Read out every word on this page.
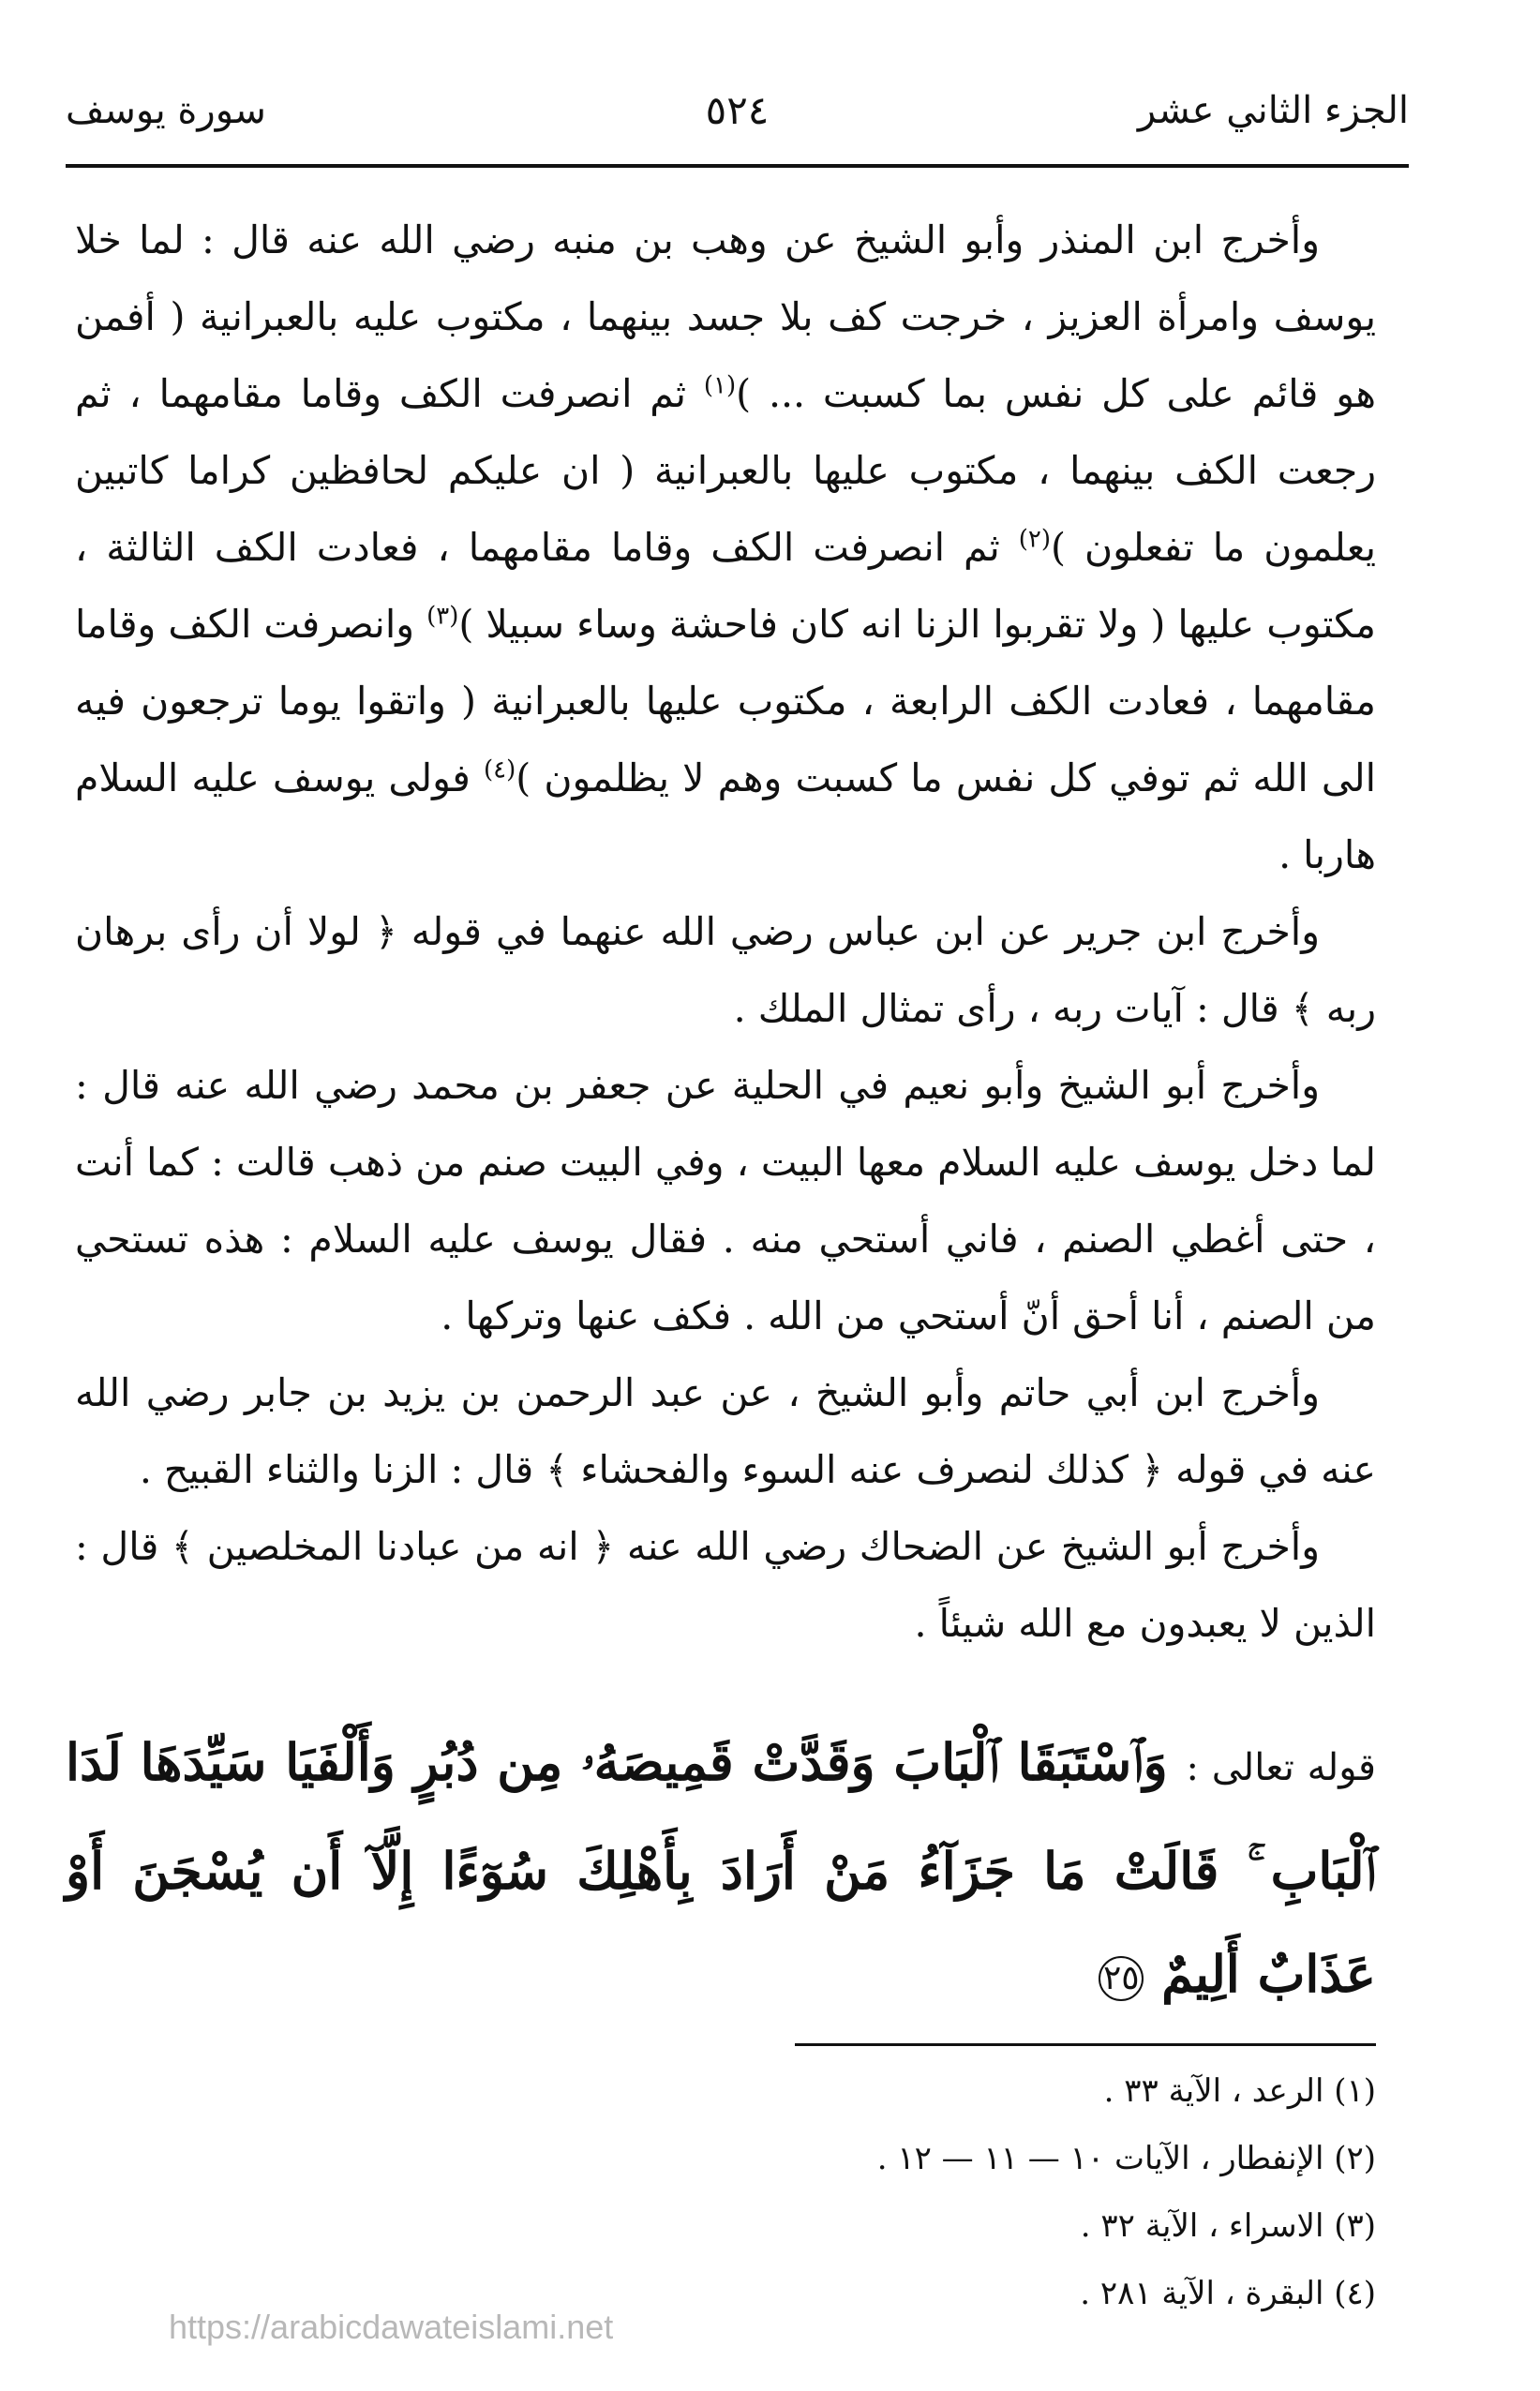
الجزء الثاني عشر
٥٢٤
سورة يوسف

وأخرج ابن المنذر وأبو الشيخ عن وهب بن منبه رضي الله عنه قال : لما خلا يوسف وامرأة العزيز ، خرجت كف بلا جسد بينهما ، مكتوب عليه بالعبرانية ( أفمن هو قائم على كل نفس بما كسبت ... )$^{(١)}$ ثم انصرفت الكف وقاما مقامهما ، ثم رجعت الكف بينهما ، مكتوب عليها بالعبرانية ( ان عليكم لحافظين كراما كاتبين يعلمون ما تفعلون )$^{(٢)}$ ثم انصرفت الكف وقاما مقامهما ، فعادت الكف الثالثة ، مكتوب عليها ( ولا تقربوا الزنا انه كان فاحشة وساء سبيلا )$^{(٣)}$ وانصرفت الكف وقاما مقامهما ، فعادت الكف الرابعة ، مكتوب عليها بالعبرانية ( واتقوا يوما ترجعون فيه الى الله ثم توفي كل نفس ما كسبت وهم لا يظلمون )$^{(٤)}$ فولى يوسف عليه السلام هاربا .

وأخرج ابن جرير عن ابن عباس رضي الله عنهما في قوله ﴿ لولا أن رأى برهان ربه ﴾ قال : آيات ربه ، رأى تمثال الملك .

وأخرج أبو الشيخ وأبو نعيم في الحلية عن جعفر بن محمد رضي الله عنه قال : لما دخل يوسف عليه السلام معها البيت ، وفي البيت صنم من ذهب قالت : كما أنت ، حتى أغطي الصنم ، فاني أستحي منه . فقال يوسف عليه السلام : هذه تستحي من الصنم ، أنا أحق أنّ أستحي من الله . فكف عنها وتركها .

وأخرج ابن أبي حاتم وأبو الشيخ ، عن عبد الرحمن بن يزيد بن جابر رضي الله عنه في قوله ﴿ كذلك لنصرف عنه السوء والفحشاء ﴾ قال : الزنا والثناء القبيح .

وأخرج أبو الشيخ عن الضحاك رضي الله عنه ﴿ انه من عبادنا المخلصين ﴾ قال : الذين لا يعبدون مع الله شيئاً .

قوله تعالى : وَٱسْتَبَقَا ٱلْبَابَ وَقَدَّتْ قَمِيصَهُۥ مِن دُبُرٍ وَأَلْفَيَا سَيِّدَهَا لَدَا ٱلْبَابِ ۚ قَالَتْ مَا جَزَآءُ مَنْ أَرَادَ بِأَهْلِكَ سُوٓءًا إِلَّآ أَن يُسْجَنَ أَوْ عَذَابٌ أَلِيمٌ ٢٥
(١) الرعد ، الآية ٣٣ .
(٢) الإنفطار ، الآيات ١٠ — ١١ — ١٢ .
(٣) الاسراء ، الآية ٣٢ .
(٤) البقرة ، الآية ٢٨١ .
https://arabicdawateislami.net
